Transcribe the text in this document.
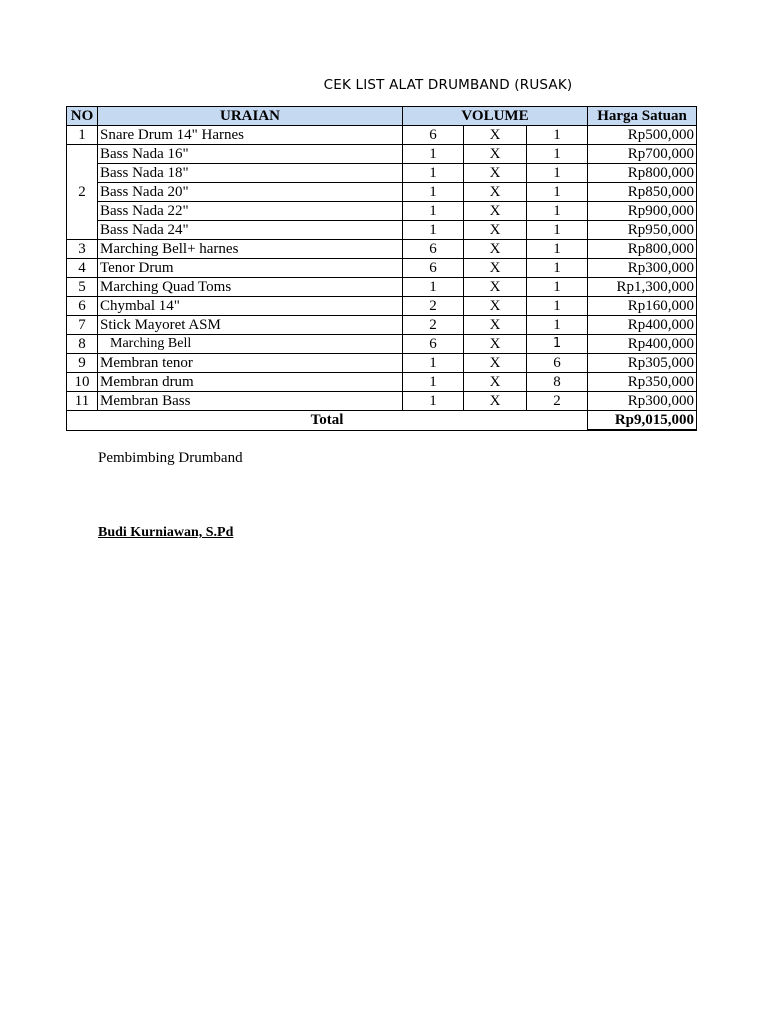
CEK LIST ALAT DRUMBAND (RUSAK)
NO	URAIAN	VOLUME			Harga Satuan
1	Snare Drum 14" Harnes	6	X	1	Rp500,000
2	Bass Nada 16"	1	X	1	Rp700,000
	Bass Nada 18"	1	X	1	Rp800,000
	Bass Nada 20"	1	X	1	Rp850,000
	Bass Nada 22"	1	X	1	Rp900,000
	Bass Nada 24"	1	X	1	Rp950,000
3	Marching Bell+ harnes	6	X	1	Rp800,000
4	Tenor Drum	6	X	1	Rp300,000
5	Marching Quad Toms	1	X	1	Rp1,300,000
6	Chymbal 14"	2	X	1	Rp160,000
7	Stick Mayoret ASM	2	X	1	Rp400,000
8	Marching Bell	6	X	1	Rp400,000
9	Membran tenor	1	X	6	Rp305,000
10	Membran drum	1	X	8	Rp350,000
11	Membran Bass	1	X	2	Rp300,000
Total					Rp9,015,000
Pembimbing Drumband
Budi Kurniawan, S.Pd
